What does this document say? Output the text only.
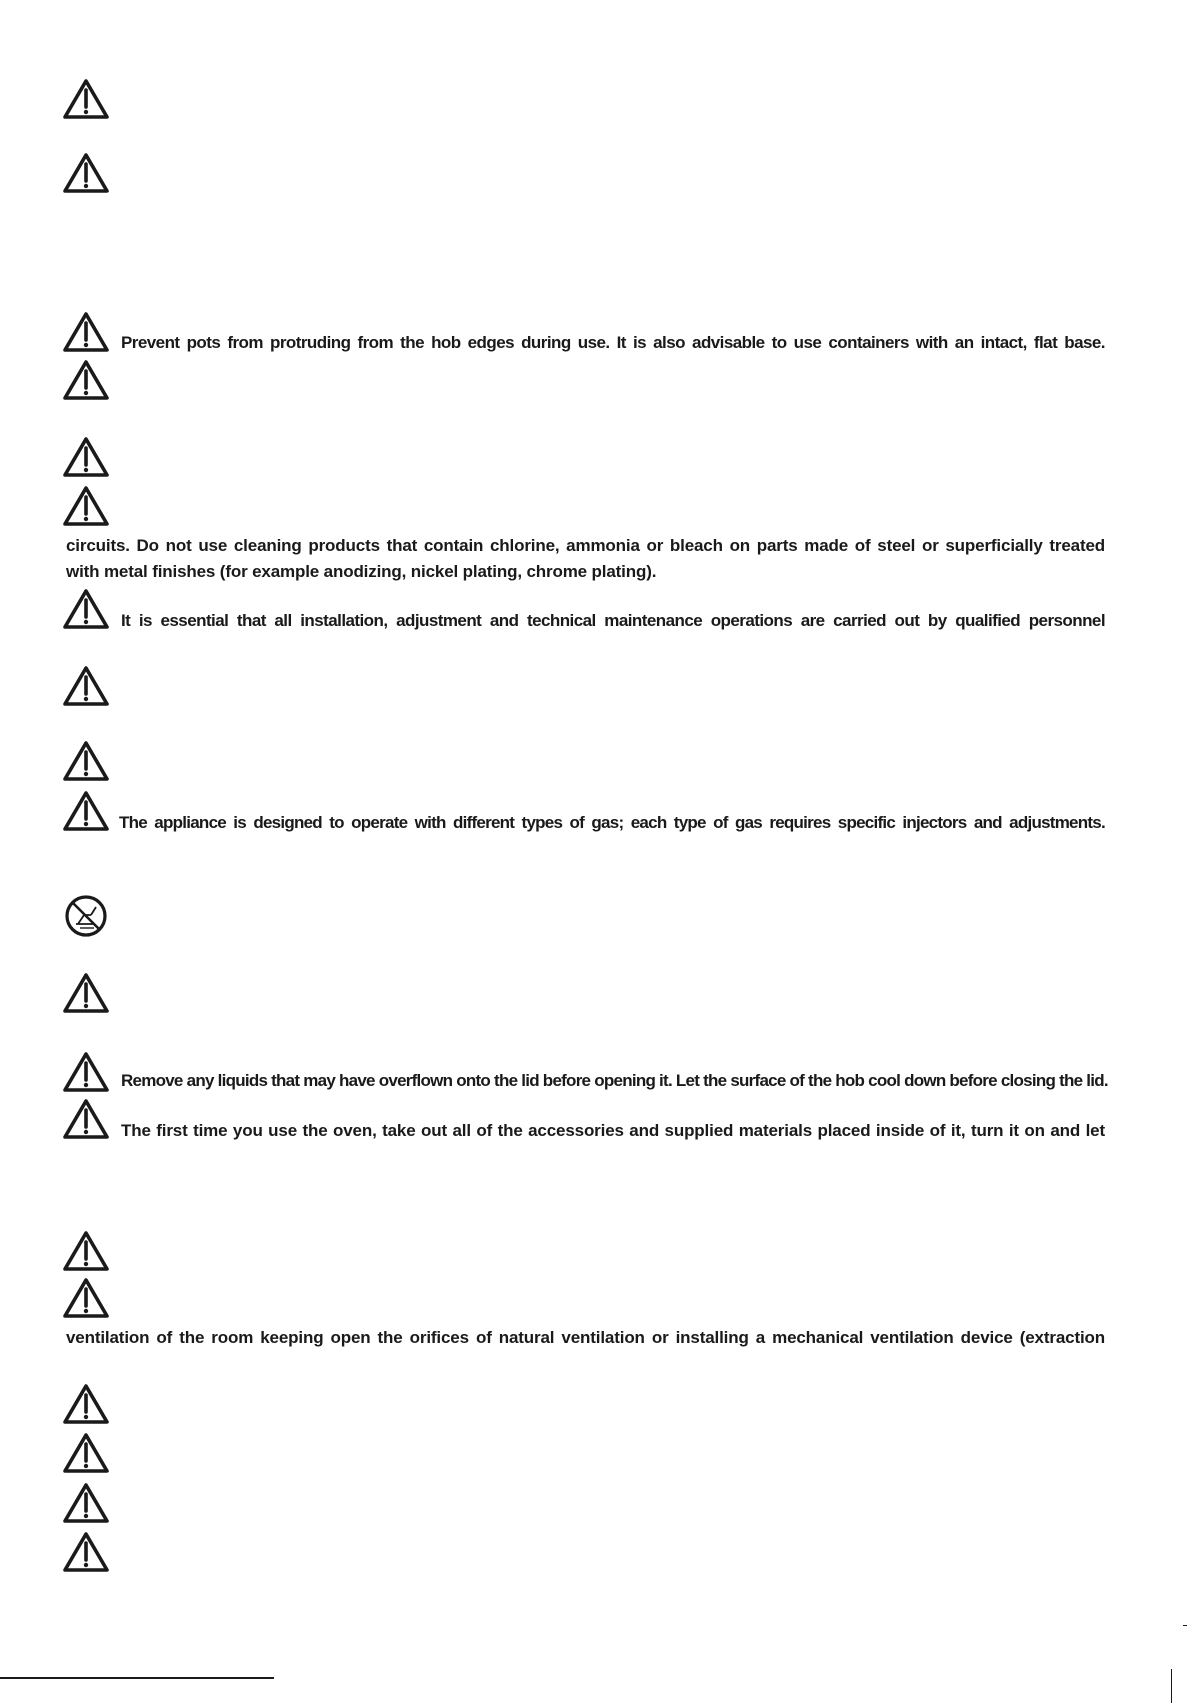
Prevent pots from protruding from the hob edges during use. It is also advisable to use containers with an intact, flat base.
circuits. Do not use cleaning products that contain chlorine, ammonia or bleach on parts made of steel or superficially treated
with metal finishes (for example anodizing, nickel plating, chrome plating).
It is essential that all installation, adjustment and technical maintenance operations are carried out by qualified personnel
The appliance is designed to operate with different types of gas; each type of gas requires specific injectors and adjustments.
Remove any liquids that may have overflown onto the lid before opening it. Let the surface of the hob cool down before closing the lid.
The first time you use the oven, take out all of the accessories and supplied materials placed inside of it, turn it on and let
ventilation of the room keeping open the orifices of natural ventilation or installing a mechanical ventilation device (extraction
